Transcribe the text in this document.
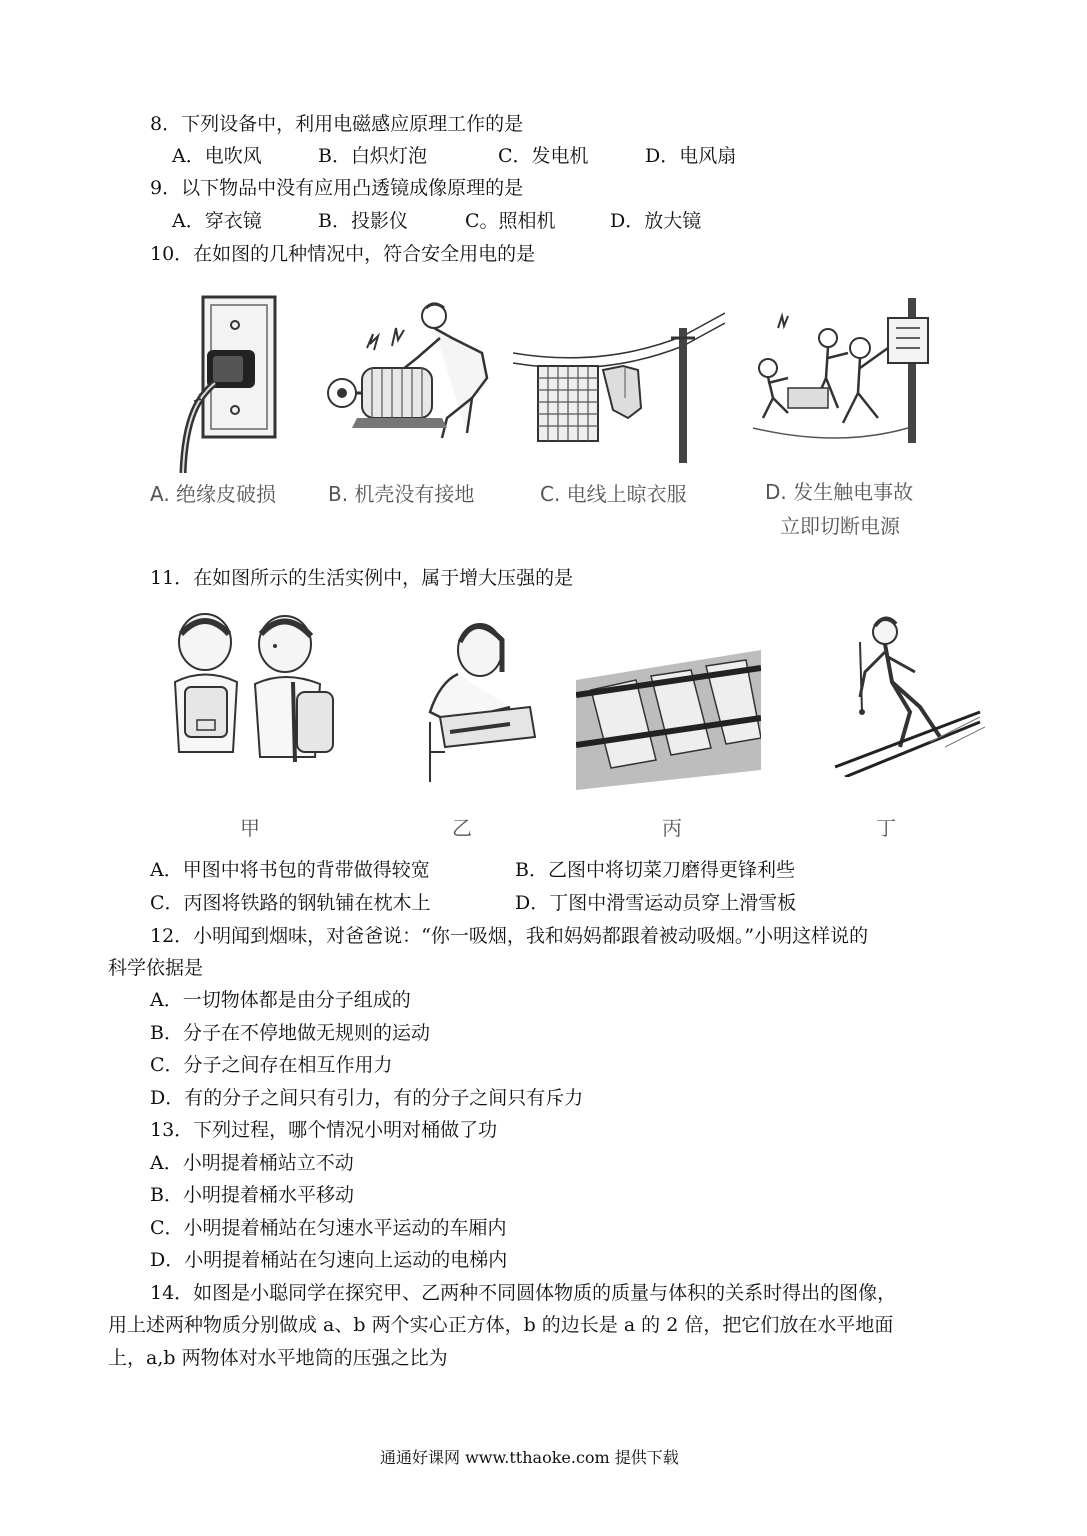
8．下列设备中，利用电磁感应原理工作的是
A．电吹风	B．白炽灯泡	C．发电机	D．电风扇
9．以下物品中没有应用凸透镜成像原理的是
A．穿衣镜	B．投影仪	C。照相机	D．放大镜
10．在如图的几种情况中，符合安全用电的是
A. 绝缘皮破损	B. 机壳没有接地	C. 电线上晾衣服	D. 发生触电事故
立即切断电源
11．在如图所示的生活实例中，属于增大压强的是
甲	乙	丙	丁
A．甲图中将书包的背带做得较宽	B．乙图中将切菜刀磨得更锋利些
C．丙图将铁路的钢轨铺在枕木上	D．丁图中滑雪运动员穿上滑雪板
12．小明闻到烟味，对爸爸说：“你一吸烟，我和妈妈都跟着被动吸烟。”小明这样说的
科学依据是
A．一切物体都是由分子组成的
B．分子在不停地做无规则的运动
C．分子之间存在相互作用力
D．有的分子之间只有引力，有的分子之间只有斥力
13．下列过程，哪个情况小明对桶做了功
A．小明提着桶站立不动
B．小明提着桶水平移动
C．小明提着桶站在匀速水平运动的车厢内
D．小明提着桶站在匀速向上运动的电梯内
14．如图是小聪同学在探究甲、乙两种不同圆体物质的质量与体积的关系时得出的图像，
用上述两种物质分别做成 a、b 两个实心正方体，b 的边长是 a 的 2 倍，把它们放在水平地面
上，a,b 两物体对水平地筒的压强之比为
通通好课网 www.tthaoke.com 提供下载
